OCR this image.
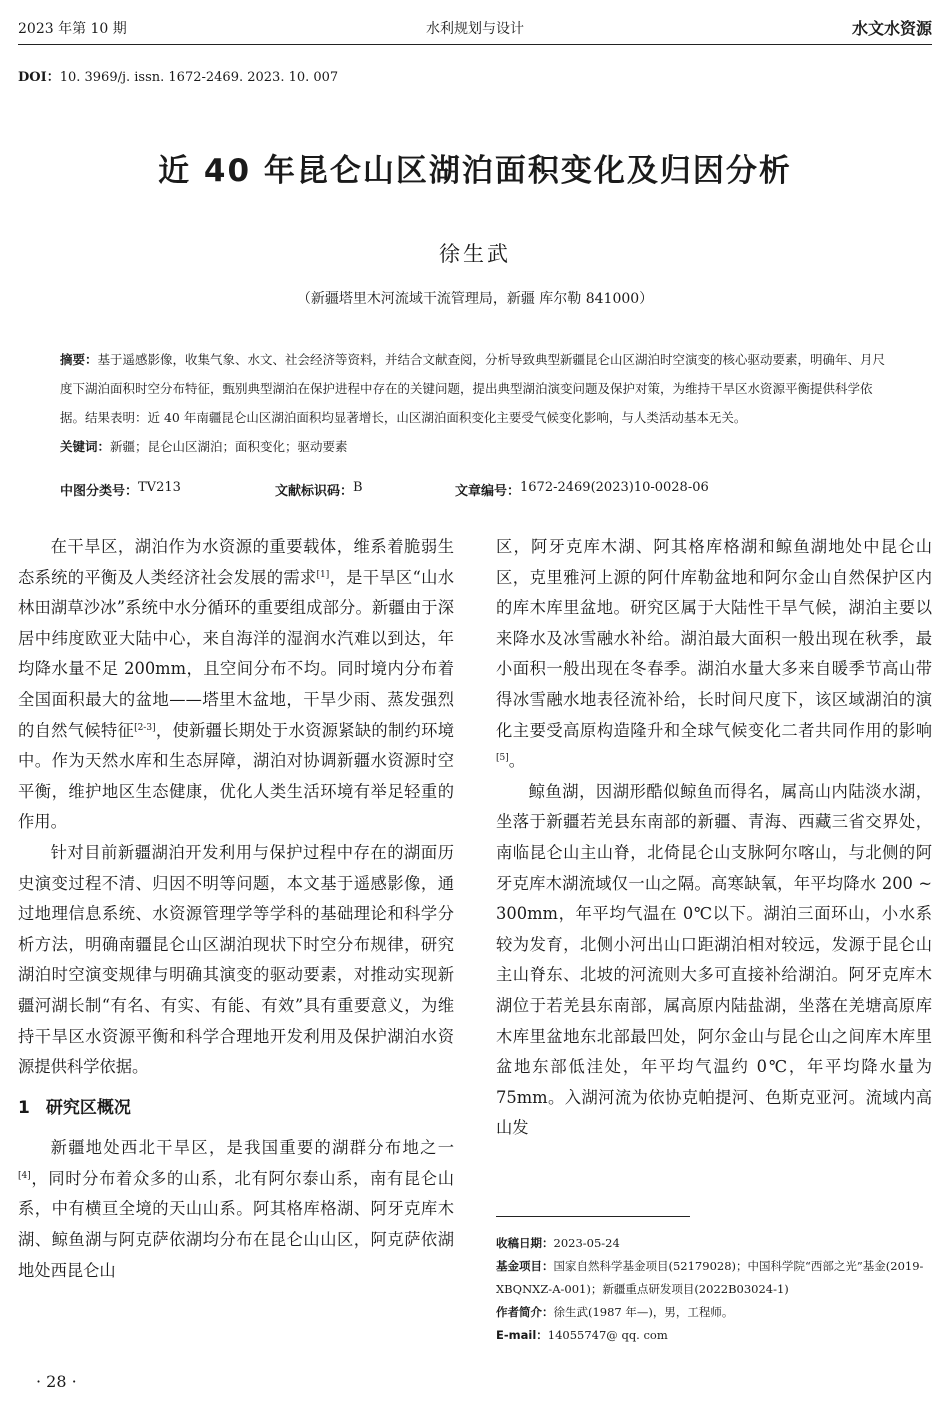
2023 年第 10 期	水利规划与设计	水文水资源
DOI：10. 3969/j. issn. 1672-2469. 2023. 10. 007
近 40 年昆仑山区湖泊面积变化及归因分析
徐生武
（新疆塔里木河流域干流管理局，新疆 库尔勒 841000）
摘要：基于遥感影像，收集气象、水文、社会经济等资料，并结合文献查阅，分析导致典型新疆昆仑山区湖泊时空演变的核心驱动要素，明确年、月尺度下湖泊面积时空分布特征，甄别典型湖泊在保护进程中存在的关键问题，提出典型湖泊演变问题及保护对策，为维持干旱区水资源平衡提供科学依据。结果表明：近 40 年南疆昆仑山区湖泊面积均显著增长，山区湖泊面积变化主要受气候变化影响，与人类活动基本无关。
关键词：新疆；昆仑山区湖泊；面积变化；驱动要素
中图分类号： TV213	文献标识码： B	文章编号： 1672-2469(2023)10-0028-06

在干旱区，湖泊作为水资源的重要载体，维系着脆弱生态系统的平衡及人类经济社会发展的需求[1]，是干旱区“山水林田湖草沙冰”系统中水分循环的重要组成部分。新疆由于深居中纬度欧亚大陆中心，来自海洋的湿润水汽难以到达，年均降水量不足 200mm，且空间分布不均。同时境内分布着全国面积最大的盆地——塔里木盆地，干旱少雨、蒸发强烈的自然气候特征[2-3]，使新疆长期处于水资源紧缺的制约环境中。作为天然水库和生态屏障，湖泊对协调新疆水资源时空平衡，维护地区生态健康，优化人类生活环境有举足轻重的作用。

针对目前新疆湖泊开发利用与保护过程中存在的湖面历史演变过程不清、归因不明等问题，本文基于遥感影像，通过地理信息系统、水资源管理学等学科的基础理论和科学分析方法，明确南疆昆仑山区湖泊现状下时空分布规律，研究湖泊时空演变规律与明确其演变的驱动要素，对推动实现新疆河湖长制“有名、有实、有能、有效”具有重要意义，为维持干旱区水资源平衡和科学合理地开发利用及保护湖泊水资源提供科学依据。

1 研究区概况

新疆地处西北干旱区，是我国重要的湖群分布地之一[4]，同时分布着众多的山系，北有阿尔泰山系，南有昆仑山系，中有横亘全境的天山山系。阿其格库格湖、阿牙克库木湖、鲸鱼湖与阿克萨依湖均分布在昆仑山山区，阿克萨依湖地处西昆仑山

区，阿牙克库木湖、阿其格库格湖和鲸鱼湖地处中昆仑山区，克里雅河上源的阿什库勒盆地和阿尔金山自然保护区内的库木库里盆地。研究区属于大陆性干旱气候，湖泊主要以来降水及冰雪融水补给。湖泊最大面积一般出现在秋季，最小面积一般出现在冬春季。湖泊水量大多来自暖季节高山带得冰雪融水地表径流补给，长时间尺度下，该区域湖泊的演化主要受高原构造隆升和全球气候变化二者共同作用的影响[5]。

鲸鱼湖，因湖形酷似鲸鱼而得名，属高山内陆淡水湖，坐落于新疆若羌县东南部的新疆、青海、西藏三省交界处，南临昆仑山主山脊，北倚昆仑山支脉阿尔喀山，与北侧的阿牙克库木湖流域仅一山之隔。高寒缺氧，年平均降水 200 ~ 300mm，年平均气温在 0℃以下。湖泊三面环山，小水系较为发育，北侧小河出山口距湖泊相对较远，发源于昆仑山主山脊东、北坡的河流则大多可直接补给湖泊。阿牙克库木湖位于若羌县东南部，属高原内陆盐湖，坐落在羌塘高原库木库里盆地东北部最凹处，阿尔金山与昆仑山之间库木库里盆地东部低洼处，年平均气温约 0℃，年平均降水量为 75mm。入湖河流为依协克帕提河、色斯克亚河。流域内高山发

收稿日期：2023-05-24
基金项目：国家自然科学基金项目(52179028)；中国科学院“西部之光”基金(2019-XBQNXZ-A-001)；新疆重点研发项目(2022B03024-1)
作者简介：徐生武(1987 年—)，男，工程师。
E-mail：14055747@ qq. com
· 28 ·
